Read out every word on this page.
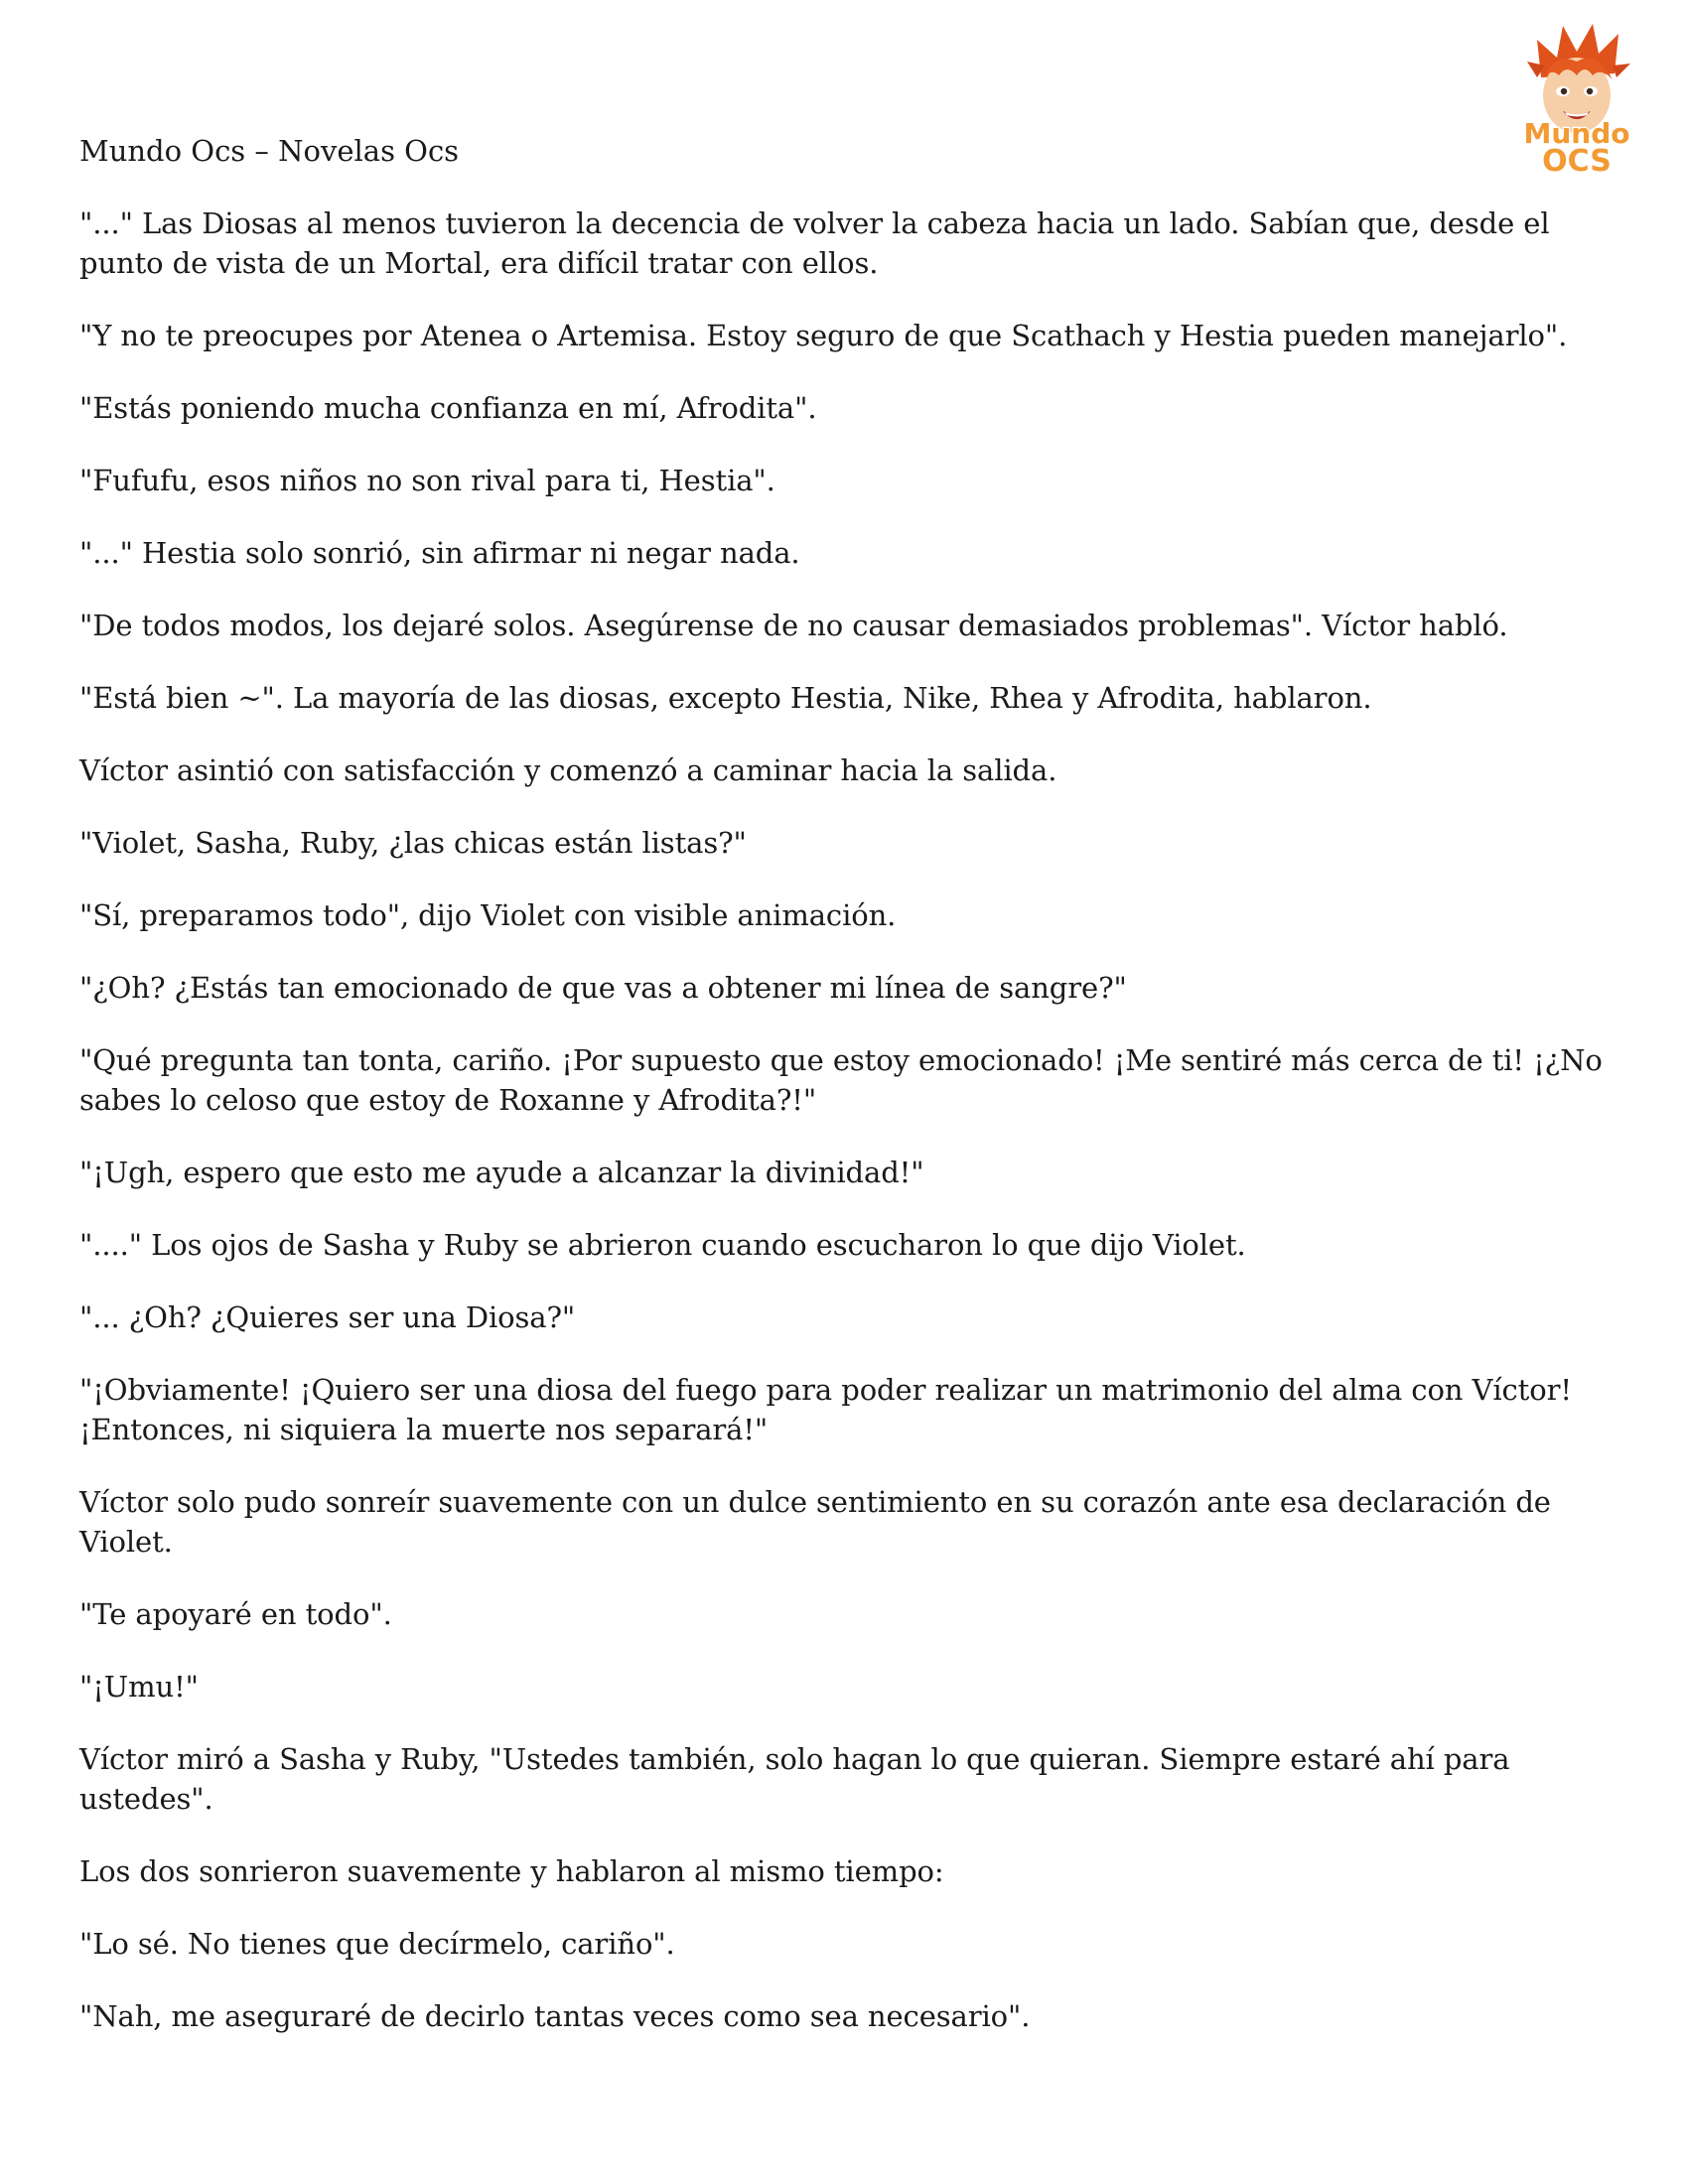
Mundo Ocs – Novelas Ocs
Mundo
OCS

"..." Las Diosas al menos tuvieron la decencia de volver la cabeza hacia un lado. Sabían que, desde el punto de vista de un Mortal, era difícil tratar con ellos.

"Y no te preocupes por Atenea o Artemisa. Estoy seguro de que Scathach y Hestia pueden manejarlo".

"Estás poniendo mucha confianza en mí, Afrodita".

"Fufufu, esos niños no son rival para ti, Hestia".

"..." Hestia solo sonrió, sin afirmar ni negar nada.

"De todos modos, los dejaré solos. Asegúrense de no causar demasiados problemas". Víctor habló.

"Está bien ~". La mayoría de las diosas, excepto Hestia, Nike, Rhea y Afrodita, hablaron.

Víctor asintió con satisfacción y comenzó a caminar hacia la salida.

"Violet, Sasha, Ruby, ¿las chicas están listas?"

"Sí, preparamos todo", dijo Violet con visible animación.

"¿Oh? ¿Estás tan emocionado de que vas a obtener mi línea de sangre?"

"Qué pregunta tan tonta, cariño. ¡Por supuesto que estoy emocionado! ¡Me sentiré más cerca de ti! ¡¿No sabes lo celoso que estoy de Roxanne y Afrodita?!"

"¡Ugh, espero que esto me ayude a alcanzar la divinidad!"

"...." Los ojos de Sasha y Ruby se abrieron cuando escucharon lo que dijo Violet.

"... ¿Oh? ¿Quieres ser una Diosa?"

"¡Obviamente! ¡Quiero ser una diosa del fuego para poder realizar un matrimonio del alma con Víctor! ¡Entonces, ni siquiera la muerte nos separará!"

Víctor solo pudo sonreír suavemente con un dulce sentimiento en su corazón ante esa declaración de Violet.

"Te apoyaré en todo".

"¡Umu!"

Víctor miró a Sasha y Ruby, "Ustedes también, solo hagan lo que quieran. Siempre estaré ahí para ustedes".

Los dos sonrieron suavemente y hablaron al mismo tiempo:

"Lo sé. No tienes que decírmelo, cariño".

"Nah, me aseguraré de decirlo tantas veces como sea necesario".
